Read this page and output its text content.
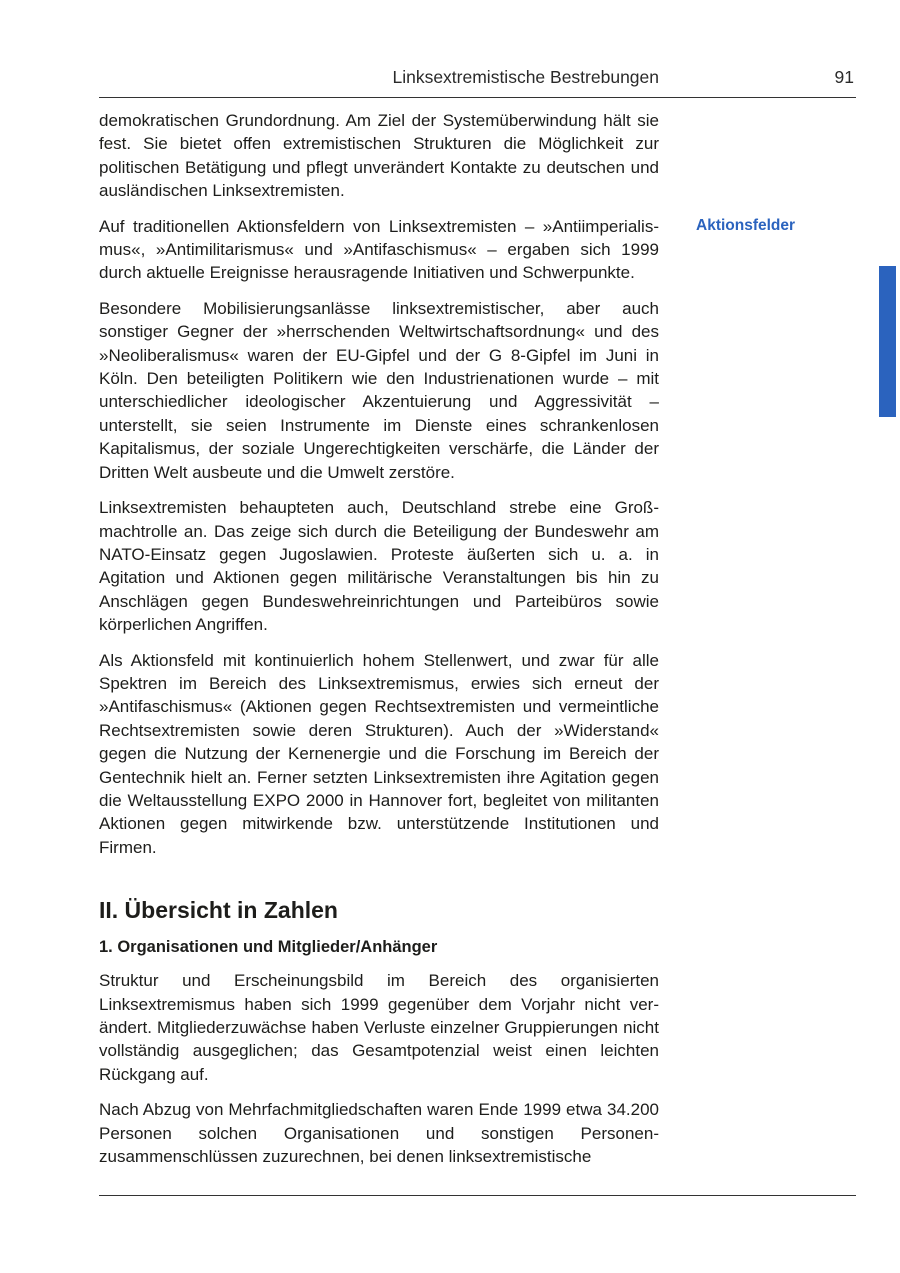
Linksextremistische Bestrebungen	91
Aktionsfelder

demokratischen Grundordnung. Am Ziel der Systemüberwindung hält sie fest. Sie bietet offen extremistischen Strukturen die Möglichkeit zur politischen Betätigung und pflegt unverändert Kontakte zu deutschen und ausländischen Linksextremisten.

Auf traditionellen Aktionsfeldern von Linksextremisten – »Antiimperialismus«, »Antimilitarismus« und »Antifaschismus« – ergaben sich 1999 durch aktuelle Ereignisse herausragende Initiativen und Schwerpunkte.

Besondere Mobilisierungsanlässe linksextremistischer, aber auch sonstiger Gegner der »herrschenden Weltwirtschaftsordnung« und des »Neoliberalismus« waren der EU-Gipfel und der G 8-Gipfel im Juni in Köln. Den beteiligten Politikern wie den Industrienationen wurde – mit unterschiedlicher ideologischer Akzentuierung und Aggressivität – unterstellt, sie seien Instrumente im Dienste eines schrankenlosen Kapitalismus, der soziale Ungerechtigkeiten verschärfe, die Länder der Dritten Welt ausbeute und die Umwelt zerstöre.

Linksextremisten behaupteten auch, Deutschland strebe eine Großmachtrolle an. Das zeige sich durch die Beteiligung der Bundeswehr am NATO-Einsatz gegen Jugoslawien. Proteste äußerten sich u. a. in Agitation und Aktionen gegen militärische Veranstaltungen bis hin zu Anschlägen gegen Bundeswehreinrichtungen und Parteibüros sowie körperlichen Angriffen.

Als Aktionsfeld mit kontinuierlich hohem Stellenwert, und zwar für alle Spektren im Bereich des Linksextremismus, erwies sich erneut der »Antifaschismus« (Aktionen gegen Rechtsextremisten und vermeintliche Rechtsextremisten sowie deren Strukturen). Auch der »Widerstand« gegen die Nutzung der Kernenergie und die Forschung im Bereich der Gentechnik hielt an. Ferner setzten Linksextremisten ihre Agitation gegen die Weltausstellung EXPO 2000 in Hannover fort, begleitet von militanten Aktionen gegen mitwirkende bzw. unterstützende Institutionen und Firmen.

II. Übersicht in Zahlen
1. Organisationen und Mitglieder/Anhänger

Struktur und Erscheinungsbild im Bereich des organisierten Linksextremismus haben sich 1999 gegenüber dem Vorjahr nicht verändert. Mitgliederzuwächse haben Verluste einzelner Gruppierungen nicht vollständig ausgeglichen; das Gesamtpotenzial weist einen leichten Rückgang auf.

Nach Abzug von Mehrfachmitgliedschaften waren Ende 1999 etwa 34.200 Personen solchen Organisationen und sonstigen Personenzusammenschlüssen zuzurechnen, bei denen linksextremistische
